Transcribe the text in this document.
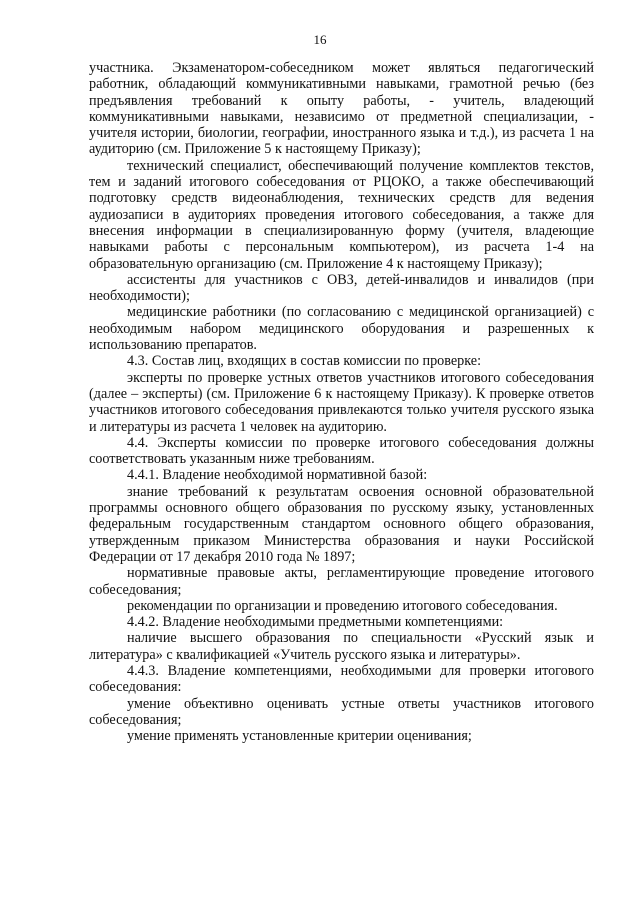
16

участника. Экзаменатором-собеседником может являться педагогический работник, обладающий коммуникативными навыками, грамотной речью (без предъявления требований к опыту работы, - учитель, владеющий коммуникативными навыками, независимо от предметной специализации, - учителя истории, биологии, географии, иностранного языка и т.д.), из расчета 1 на аудиторию (см. Приложение 5 к настоящему Приказу);

технический специалист, обеспечивающий получение комплектов текстов, тем и заданий итогового собеседования от РЦОКО, а также обеспечивающий подготовку средств видеонаблюдения, технических средств для ведения аудиозаписи в аудиториях проведения итогового собеседования, а также для внесения информации в специализированную форму (учителя, владеющие навыками работы с персональным компьютером), из расчета 1-4 на образовательную организацию (см. Приложение 4 к настоящему Приказу);

ассистенты для участников с ОВЗ, детей-инвалидов и инвалидов (при необходимости);

медицинские работники (по согласованию с медицинской организацией) с необходимым набором медицинского оборудования и разрешенных к использованию препаратов.

4.3. Состав лиц, входящих в состав комиссии по проверке:

эксперты по проверке устных ответов участников итогового собеседования (далее – эксперты) (см. Приложение 6 к настоящему Приказу). К проверке ответов участников итогового собеседования привлекаются только учителя русского языка и литературы из расчета 1 человек на аудиторию.

4.4. Эксперты комиссии по проверке итогового собеседования должны соответствовать указанным ниже требованиям.

4.4.1. Владение необходимой нормативной базой:

знание требований к результатам освоения основной образовательной программы основного общего образования по русскому языку, установленных федеральным государственным стандартом основного общего образования, утвержденным приказом Министерства образования и науки Российской Федерации от 17 декабря 2010 года № 1897;

нормативные правовые акты, регламентирующие проведение итогового собеседования;

рекомендации по организации и проведению итогового собеседования.

4.4.2. Владение необходимыми предметными компетенциями:

наличие высшего образования по специальности «Русский язык и литература» с квалификацией «Учитель русского языка и литературы».

4.4.3. Владение компетенциями, необходимыми для проверки итогового собеседования:

умение объективно оценивать устные ответы участников итогового собеседования;

умение применять установленные критерии оценивания;
